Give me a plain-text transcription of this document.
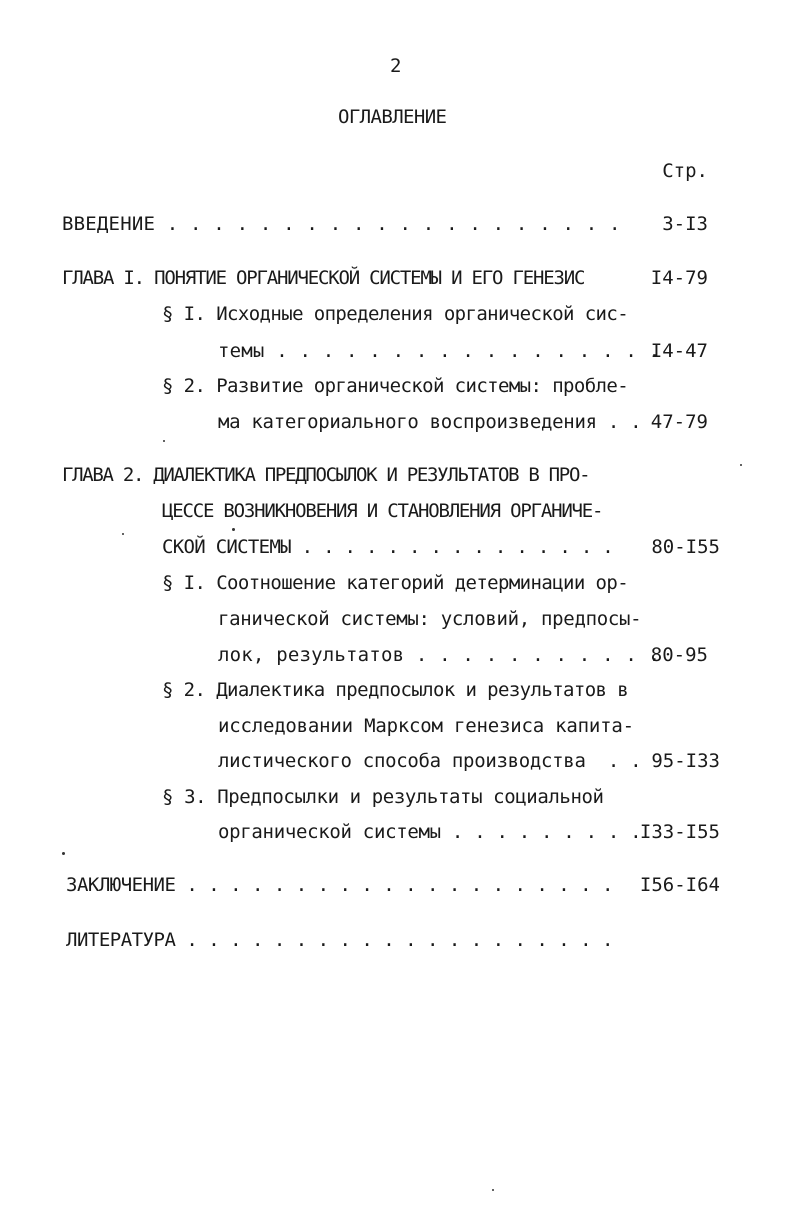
2
ОГЛАВЛЕНИЕ
Стр.
ВВЕДЕНИЕ . . . . . . . . . . . . . . . . . . . . 3-I3
ГЛАВА I. ПОНЯТИЕ ОРГАНИЧЕСКОЙ СИСТЕМЫ И ЕГО ГЕНЕЗИС	I4-79
§ I. Исходные определения органической сис-
темы . . . . . . . . . . . . . . . . .
I4-47
§ 2. Развитие органической системы: пробле-
ма категориального воспроизведения . . 47-79
ГЛАВА 2. ДИАЛЕКТИКА ПРЕДПОСЫЛОК И РЕЗУЛЬТАТОВ В ПРО-
ЦЕССЕ ВОЗНИКНОВЕНИЯ И СТАНОВЛЕНИЯ ОРГАНИЧЕ-
СКОЙ СИСТЕМЫ . . . . . . . . . . . . . . . 80-I55
§ I. Соотношение категорий детерминации ор-
ганической системы: условий, предпосы-
лок, результатов . . . . . . . . . . .
80-95
§ 2. Диалектика предпосылок и результатов в
исследовании Марксом генезиса капита-
листического способа производства  . . 95-I33
§ 3. Предпосылки и результаты социальной
органической системы . . . . . . . . .
I33-I55
ЗАКЛЮЧЕНИЕ . . . . . . . . . . . . . . . . . . . . I56-I64
ЛИТЕРАТУРА . . . . . . . . . . . . . . . . . . . .
